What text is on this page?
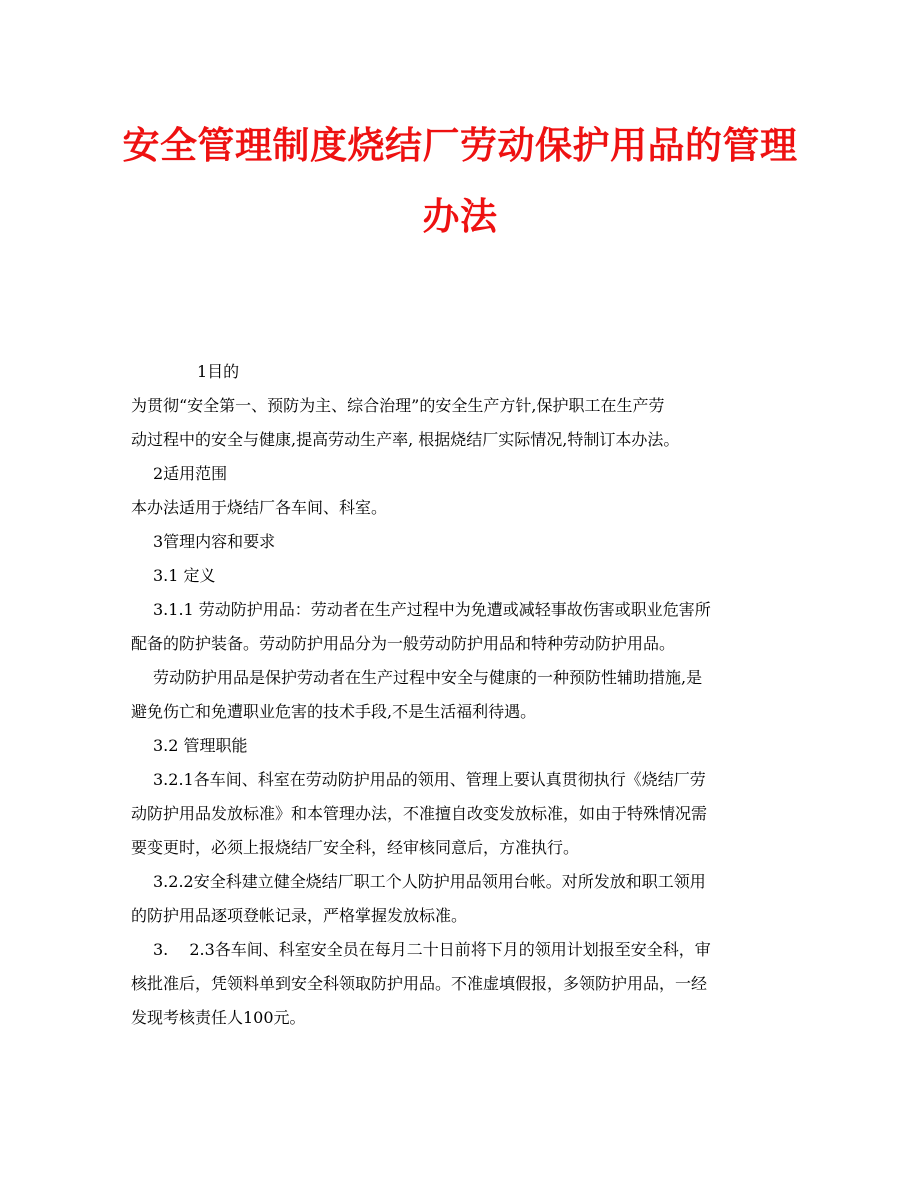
安全管理制度烧结厂劳动保护用品的管理
办法

1目的

为贯彻“安全第一、预防为主、综合治理”的安全生产方针,保护职工在生产劳

动过程中的安全与健康,提高劳动生产率, 根据烧结厂实际情况,特制订本办法。

2适用范围

本办法适用于烧结厂各车间、科室。

3管理内容和要求

3.1 定义

3.1.1 劳动防护用品：劳动者在生产过程中为免遭或减轻事故伤害或职业危害所

配备的防护装备。劳动防护用品分为一般劳动防护用品和特种劳动防护用品。

劳动防护用品是保护劳动者在生产过程中安全与健康的一种预防性辅助措施,是

避免伤亡和免遭职业危害的技术手段,不是生活福利待遇。

3.2 管理职能

3.2.1各车间、科室在劳动防护用品的领用、管理上要认真贯彻执行《烧结厂劳

动防护用品发放标准》和本管理办法，不准擅自改变发放标准，如由于特殊情况需

要变更时，必须上报烧结厂安全科，经审核同意后，方准执行。

3.2.2安全科建立健全烧结厂职工个人防护用品领用台帐。对所发放和职工领用

的防护用品逐项登帐记录，严格掌握发放标准。

3.　 2.3各车间、科室安全员在每月二十日前将下月的领用计划报至安全科，审

核批准后，凭领料单到安全科领取防护用品。不准虚填假报，多领防护用品，一经

发现考核责任人100元。
